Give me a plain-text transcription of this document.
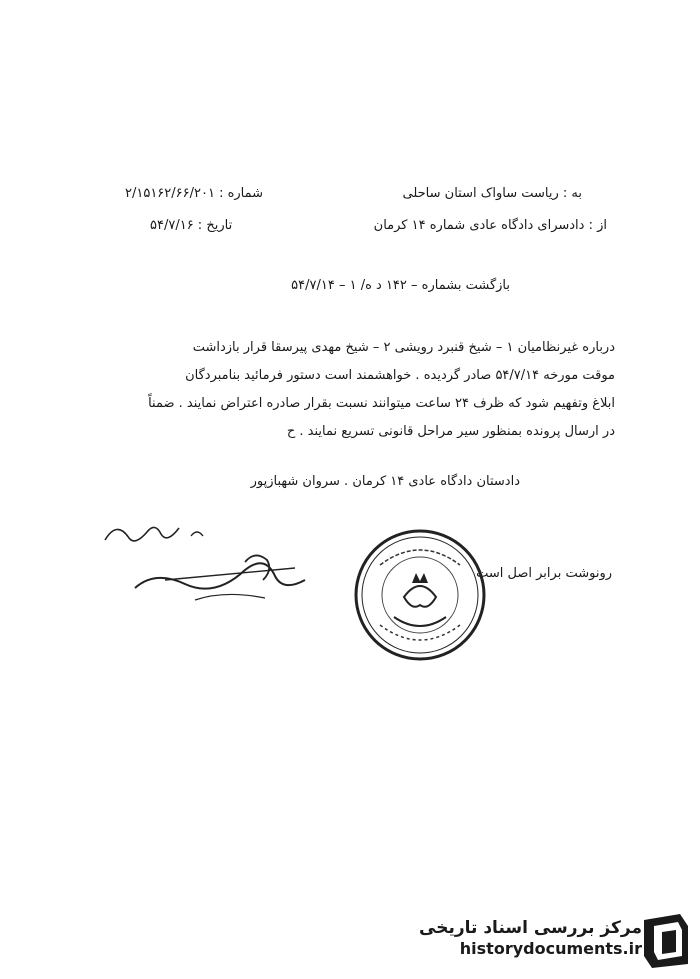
به : ریاست ساواک استان ساحلی
شماره : ۲/۱۵۱۶۲/۶۶/۲۰۱
از : دادسرای دادگاه عادی شماره ۱۴ کرمان
تاریخ : ۵۴/۷/۱۶
بازگشت بشماره – ۱۴۲ د ه/ ۱ – ۵۴/۷/۱۴
درباره غیرنظامیان ۱ – شیخ قنبرد رویشی ۲ – شیخ مهدی پیرسقا قرار بازداشت
موقت مورخه ۵۴/۷/۱۴ صادر گردیده . خواهشمند است دستور فرمائید بنامبردگان
ابلاغ وتفهیم شود که ظرف ۲۴ ساعت میتوانند نسبت بقرار صادره اعتراض نمایند . ضمناً
در ارسال پرونده بمنظور سیر مراحل قانونی تسریع نمایند . ح
دادستان دادگاه عادی ۱۴ کرمان . سروان شهبازپور
رونوشت برابر اصل است
مرکز بررسی اسناد تاریخی
historydocuments.ir
